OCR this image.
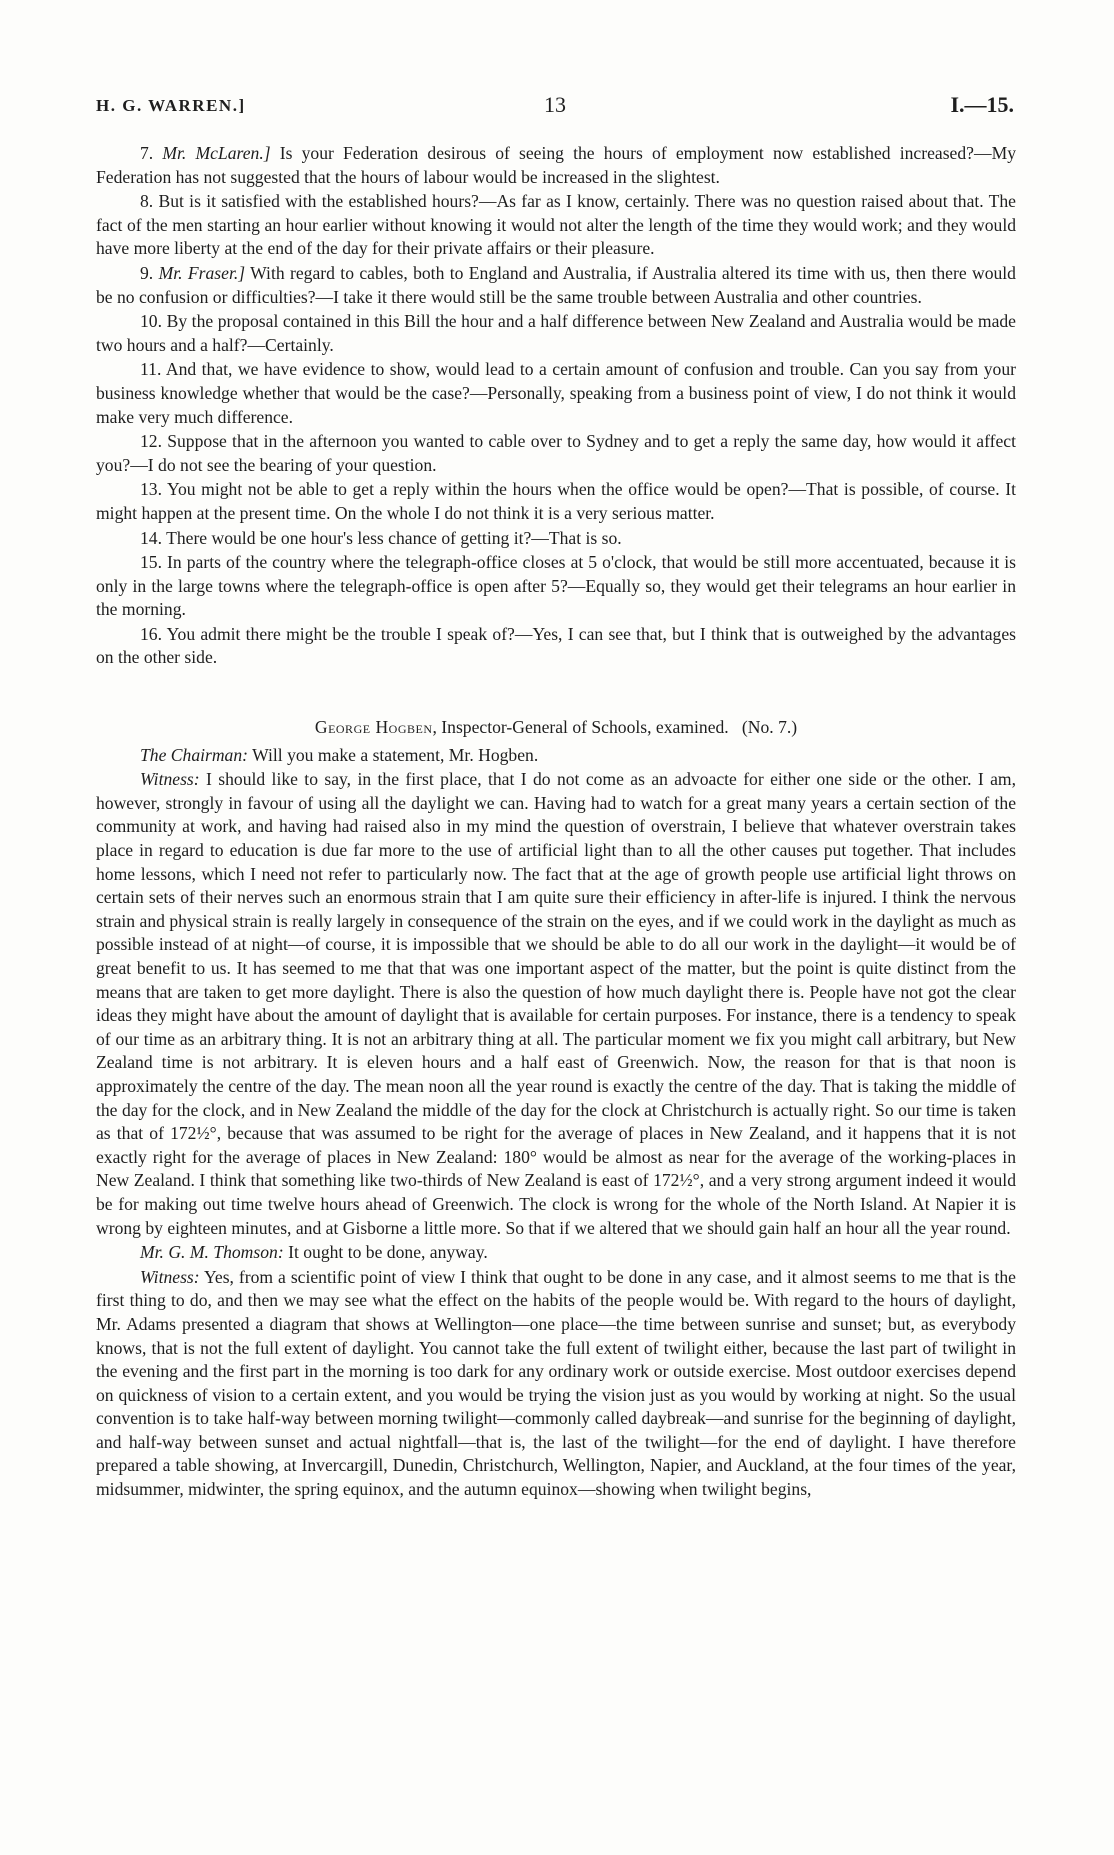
H. G. WARREN.]	13	I.—15.

7. Mr. McLaren.] Is your Federation desirous of seeing the hours of employment now established increased?—My Federation has not suggested that the hours of labour would be increased in the slightest.

8. But is it satisfied with the established hours?—As far as I know, certainly. There was no question raised about that. The fact of the men starting an hour earlier without knowing it would not alter the length of the time they would work; and they would have more liberty at the end of the day for their private affairs or their pleasure.

9. Mr. Fraser.] With regard to cables, both to England and Australia, if Australia altered its time with us, then there would be no confusion or difficulties?—I take it there would still be the same trouble between Australia and other countries.

10. By the proposal contained in this Bill the hour and a half difference between New Zealand and Australia would be made two hours and a half?—Certainly.

11. And that, we have evidence to show, would lead to a certain amount of confusion and trouble. Can you say from your business knowledge whether that would be the case?—Personally, speaking from a business point of view, I do not think it would make very much difference.

12. Suppose that in the afternoon you wanted to cable over to Sydney and to get a reply the same day, how would it affect you?—I do not see the bearing of your question.

13. You might not be able to get a reply within the hours when the office would be open?—That is possible, of course. It might happen at the present time. On the whole I do not think it is a very serious matter.

14. There would be one hour's less chance of getting it?—That is so.

15. In parts of the country where the telegraph-office closes at 5 o'clock, that would be still more accentuated, because it is only in the large towns where the telegraph-office is open after 5?—Equally so, they would get their telegrams an hour earlier in the morning.

16. You admit there might be the trouble I speak of?—Yes, I can see that, but I think that is outweighed by the advantages on the other side.

George Hogben, Inspector-General of Schools, examined. (No. 7.)

The Chairman: Will you make a statement, Mr. Hogben.

Witness: I should like to say, in the first place, that I do not come as an advoacte for either one side or the other. I am, however, strongly in favour of using all the daylight we can. Having had to watch for a great many years a certain section of the community at work, and having had raised also in my mind the question of overstrain, I believe that whatever overstrain takes place in regard to education is due far more to the use of artificial light than to all the other causes put together. That includes home lessons, which I need not refer to particularly now. The fact that at the age of growth people use artificial light throws on certain sets of their nerves such an enormous strain that I am quite sure their efficiency in after-life is injured. I think the nervous strain and physical strain is really largely in consequence of the strain on the eyes, and if we could work in the daylight as much as possible instead of at night—of course, it is impossible that we should be able to do all our work in the daylight—it would be of great benefit to us. It has seemed to me that that was one important aspect of the matter, but the point is quite distinct from the means that are taken to get more daylight. There is also the question of how much daylight there is. People have not got the clear ideas they might have about the amount of daylight that is available for certain purposes. For instance, there is a tendency to speak of our time as an arbitrary thing. It is not an arbitrary thing at all. The particular moment we fix you might call arbitrary, but New Zealand time is not arbitrary. It is eleven hours and a half east of Greenwich. Now, the reason for that is that noon is approximately the centre of the day. The mean noon all the year round is exactly the centre of the day. That is taking the middle of the day for the clock, and in New Zealand the middle of the day for the clock at Christchurch is actually right. So our time is taken as that of 172½°, because that was assumed to be right for the average of places in New Zealand, and it happens that it is not exactly right for the average of places in New Zealand: 180° would be almost as near for the average of the working-places in New Zealand. I think that something like two-thirds of New Zealand is east of 172½°, and a very strong argument indeed it would be for making out time twelve hours ahead of Greenwich. The clock is wrong for the whole of the North Island. At Napier it is wrong by eighteen minutes, and at Gisborne a little more. So that if we altered that we should gain half an hour all the year round.

Mr. G. M. Thomson: It ought to be done, anyway.

Witness: Yes, from a scientific point of view I think that ought to be done in any case, and it almost seems to me that is the first thing to do, and then we may see what the effect on the habits of the people would be. With regard to the hours of daylight, Mr. Adams presented a diagram that shows at Wellington—one place—the time between sunrise and sunset; but, as everybody knows, that is not the full extent of daylight. You cannot take the full extent of twilight either, because the last part of twilight in the evening and the first part in the morning is too dark for any ordinary work or outside exercise. Most outdoor exercises depend on quickness of vision to a certain extent, and you would be trying the vision just as you would by working at night. So the usual convention is to take half-way between morning twilight—commonly called daybreak—and sunrise for the beginning of daylight, and half-way between sunset and actual nightfall—that is, the last of the twilight—for the end of daylight. I have therefore prepared a table showing, at Invercargill, Dunedin, Christchurch, Wellington, Napier, and Auckland, at the four times of the year, midsummer, midwinter, the spring equinox, and the autumn equinox—showing when twilight begins,
